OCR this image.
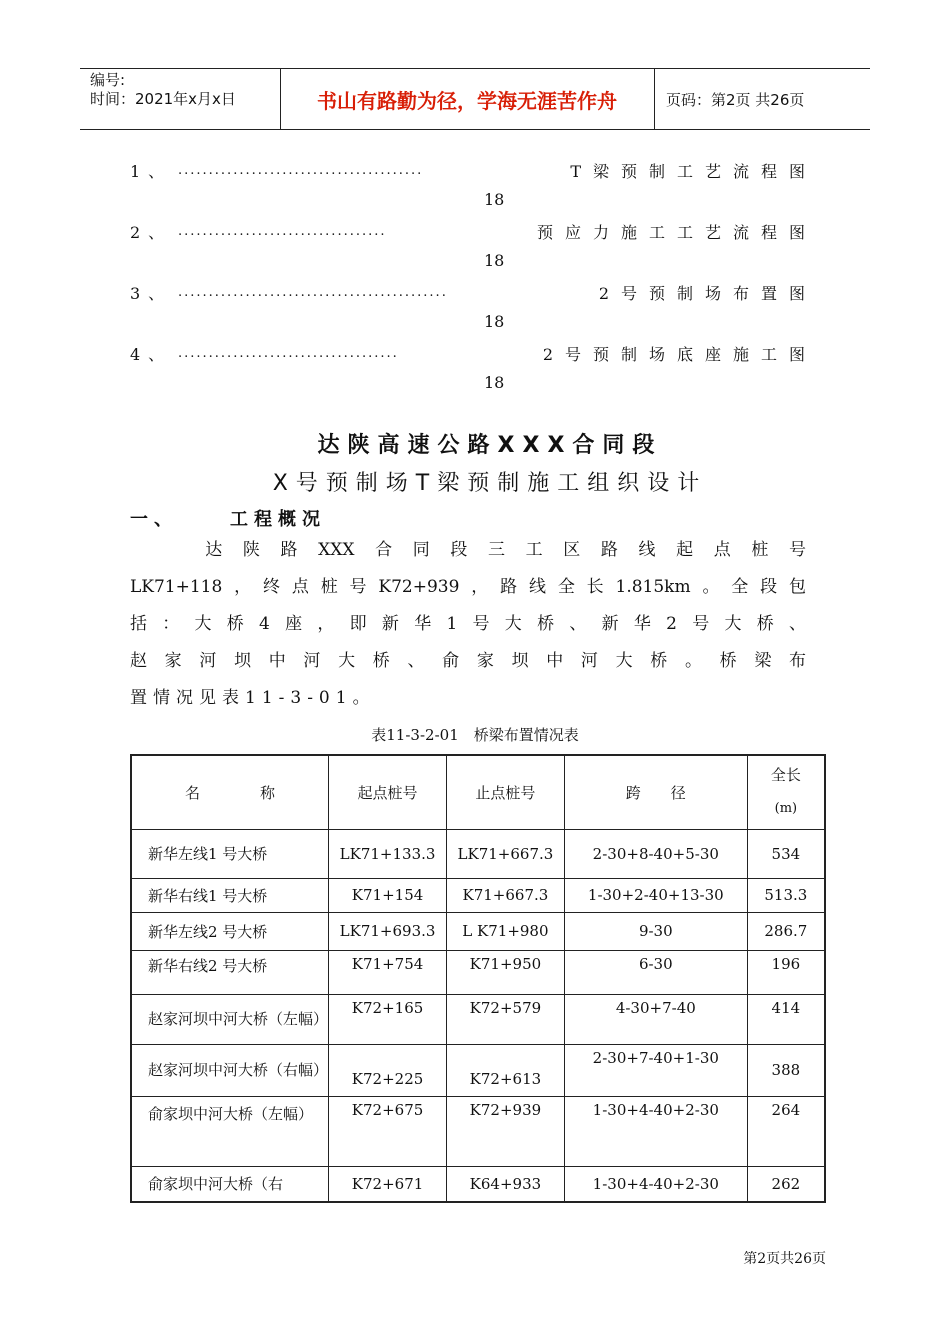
编号:
时间：2021年x月x日	书山有路勤为径，学海无涯苦作舟	页码：第2页 共26页
1、 ........................................	T梁预制工艺流程图
18
2、 ..................................	预应力施工工艺流程图
18
3、 ............................................	2号预制场布置图
18
4、 ....................................	2号预制场底座施工图
18
达陕高速公路XXX合同段
X号预制场T梁预制施工组织设计
一、	工程概况
　　达陕路XXX合同段三工区路线起点桩号
LK71+118，终点桩号K72+939，路线全长1.815km。全段包
括：大桥4座，即新华1号大桥、新华2号大桥、
赵家河坝中河大桥、俞家坝中河大桥。桥梁布
置情况见表11-3-01。
表11-3-2-01　桥梁布置情况表
名　　　　称	起点桩号	止点桩号	跨　　径	全长
(m)

新华左线1 号大桥	LK71+133.3	LK71+667.3	2-30+8-40+5-30	534
新华右线1 号大桥	K71+154	K71+667.3	1-30+2-40+13-30	513.3
新华左线2 号大桥	LK71+693.3	L K71+980	9-30	286.7
新华右线2 号大桥	K71+754	K71+950	6-30	196
赵家河坝中河大桥（左幅）	K72+165	K72+579	4-30+7-40	414
赵家河坝中河大桥（右幅）	K72+225	K72+613	2-30+7-40+1-30	388
俞家坝中河大桥（左幅）	K72+675	K72+939	1-30+4-40+2-30	264
俞家坝中河大桥（右	K72+671	K64+933	1-30+4-40+2-30	262
第2页共26页
